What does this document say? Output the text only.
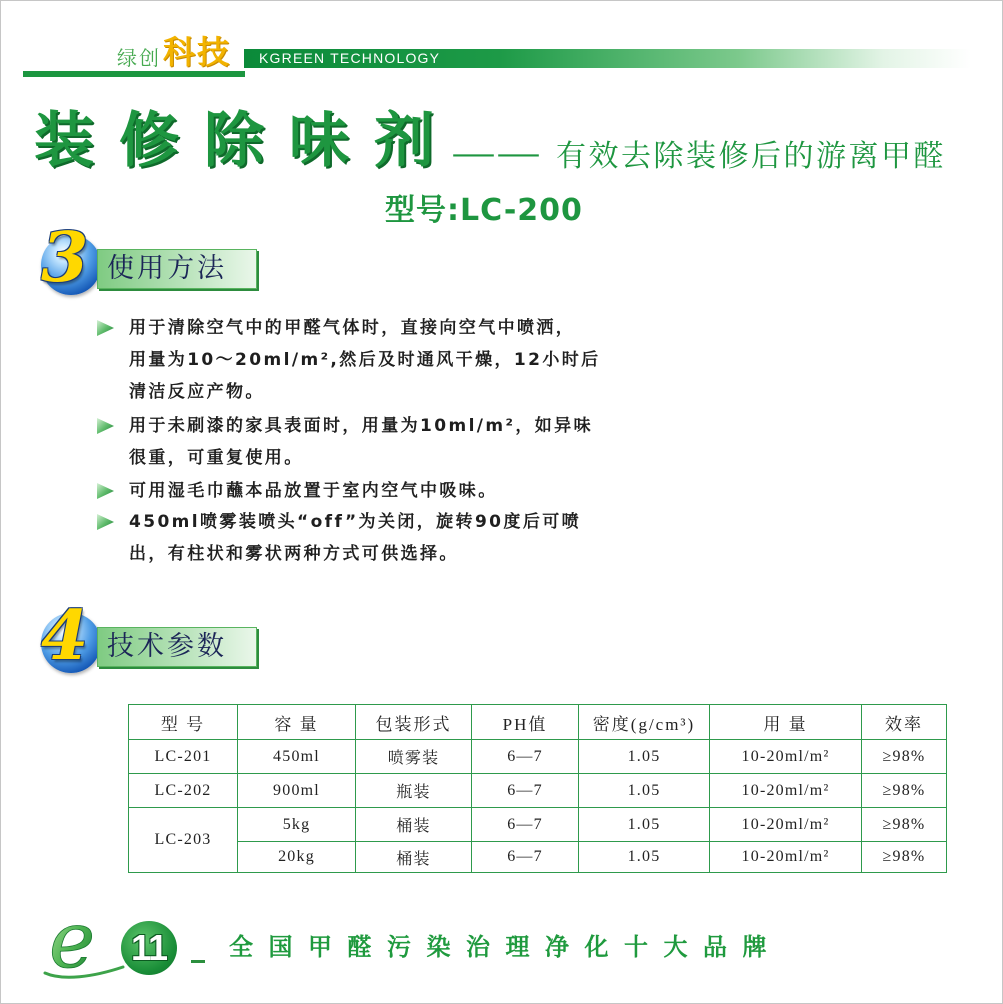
绿创 科技 KGREEN TECHNOLOGY
装修除味剂
—— 有效去除装修后的游离甲醛
型号:LC-200
使用方法
3
用于清除空气中的甲醛气体时，直接向空气中喷洒，
用量为10～20ml/m²,然后及时通风干燥，12小时后
清洁反应产物。
用于未刷漆的家具表面时，用量为10ml/m²，如异味
很重，可重复使用。
可用湿毛巾蘸本品放置于室内空气中吸味。
450ml喷雾装喷头“off”为关闭，旋转90度后可喷
出，有柱状和雾状两种方式可供选择。
技术参数
4
型 号	容 量	包装形式	PH值	密度(g/cm³)	用 量	效率
LC-201	450ml	喷雾装	6—7	1.05	10-20ml/m²	≥98%
LC-202	900ml	瓶装	6—7	1.05	10-20ml/m²	≥98%
LC-203	5kg	桶装	6—7	1.05	10-20ml/m²	≥98%
	20kg	桶装	6—7	1.05	10-20ml/m²	≥98%
e 11	全国甲醛污染治理净化十大品牌
